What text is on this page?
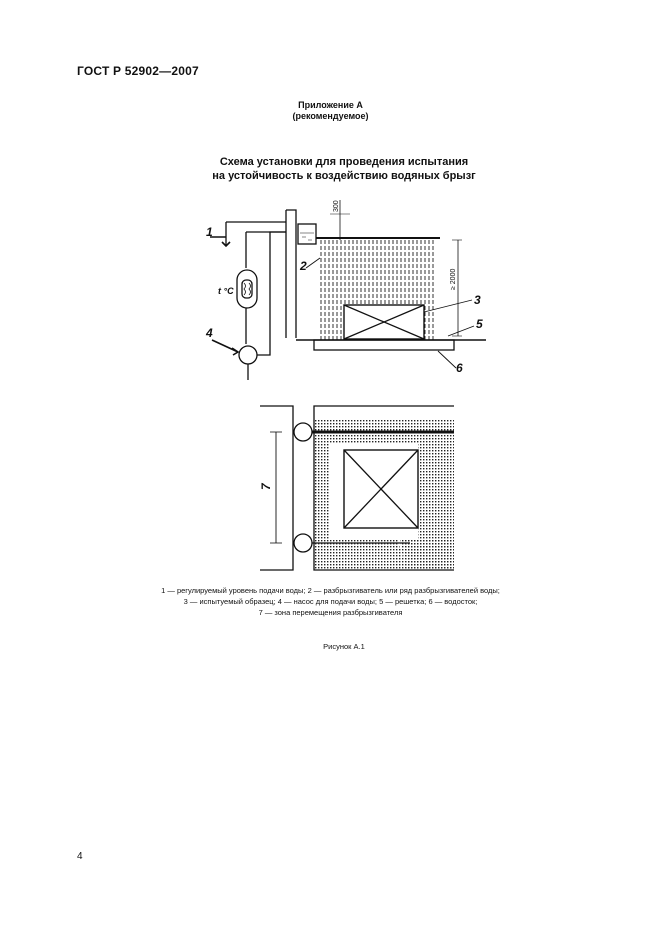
ГОСТ Р 52902—2007
Приложение А
(рекомендуемое)
Схема установки для проведения испытания
на устойчивость к воздействию водяных брызг
1
2
3
4
5
6
t °C
300
≥ 2000
7
1 — регулируемый уровень подачи воды; 2 — разбрызгиватель или ряд разбрызгивателей воды;
3 — испытуемый образец; 4 — насос для подачи воды; 5 — решетка; 6 — водосток;
7 — зона перемещения разбрызгивателя
Рисунок А.1
4
